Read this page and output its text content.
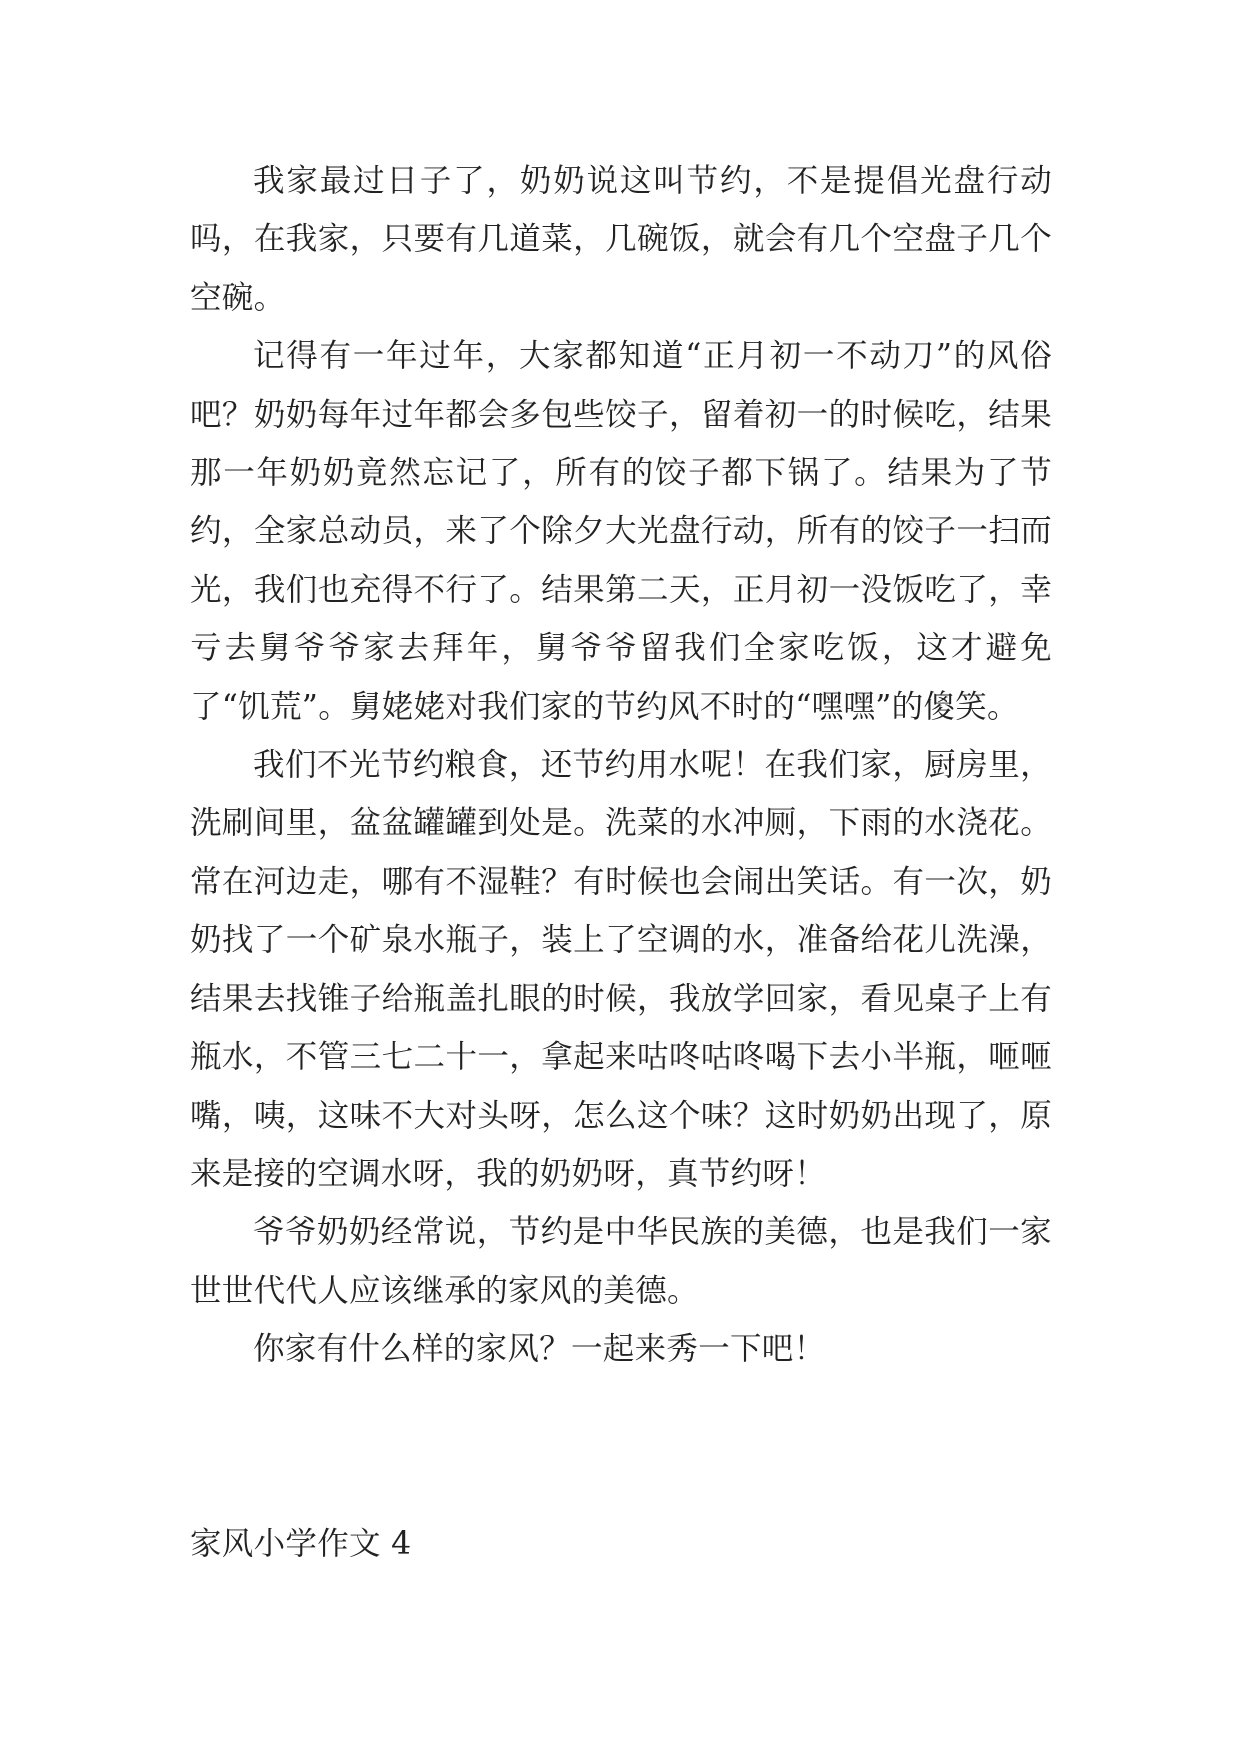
我家最过日子了，奶奶说这叫节约，不是提倡光盘行动吗，在我家，只要有几道菜，几碗饭，就会有几个空盘子几个空碗。

记得有一年过年，大家都知道“正月初一不动刀”的风俗吧？奶奶每年过年都会多包些饺子，留着初一的时候吃，结果那一年奶奶竟然忘记了，所有的饺子都下锅了。结果为了节约，全家总动员，来了个除夕大光盘行动，所有的饺子一扫而光，我们也充得不行了。结果第二天，正月初一没饭吃了，幸亏去舅爷爷家去拜年，舅爷爷留我们全家吃饭，这才避免了“饥荒”。舅姥姥对我们家的节约风不时的“嘿嘿”的傻笑。

我们不光节约粮食，还节约用水呢！在我们家，厨房里，洗刷间里，盆盆罐罐到处是。洗菜的水冲厕，下雨的水浇花。常在河边走，哪有不湿鞋？有时候也会闹出笑话。有一次，奶奶找了一个矿泉水瓶子，装上了空调的水，准备给花儿洗澡，结果去找锥子给瓶盖扎眼的时候，我放学回家，看见桌子上有瓶水，不管三七二十一，拿起来咕咚咕咚喝下去小半瓶，咂咂嘴，咦，这味不大对头呀，怎么这个味？这时奶奶出现了，原来是接的空调水呀，我的奶奶呀，真节约呀！

爷爷奶奶经常说，节约是中华民族的美德，也是我们一家世世代代人应该继承的家风的美德。

你家有什么样的家风？一起来秀一下吧！

家风小学作文 4
